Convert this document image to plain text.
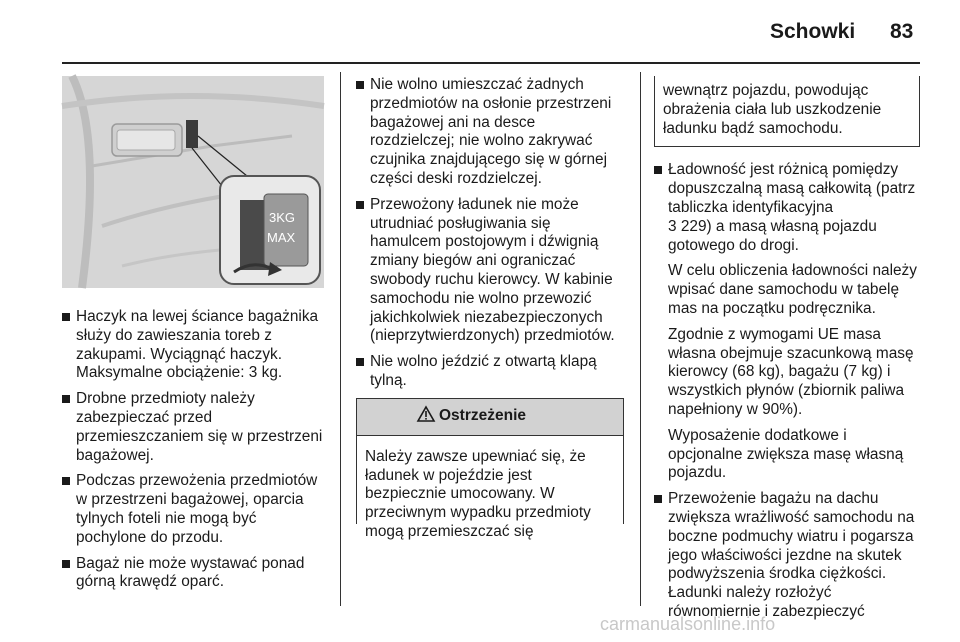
Schowki 83
3KG
MAX
Haczyk na lewej ściance bagażnika służy do zawieszania toreb z zakupami. Wyciągnąć haczyk. Maksymalne obciążenie: 3 kg.
Drobne przedmioty należy zabezpieczać przed przemieszczaniem się w przestrzeni bagażowej.
Podczas przewożenia przedmiotów w przestrzeni bagażowej, oparcia tylnych foteli nie mogą być pochylone do przodu.
Bagaż nie może wystawać ponad górną krawędź oparć.
Nie wolno umieszczać żadnych przedmiotów na osłonie przestrzeni bagażowej ani na desce rozdzielczej; nie wolno zakrywać czujnika znajdującego się w górnej części deski rozdzielczej.
Przewożony ładunek nie może utrudniać posługiwania się hamulcem postojowym i dźwignią zmiany biegów ani ograniczać swobody ruchu kierowcy. W kabinie samochodu nie wolno przewozić jakichkolwiek niezabezpieczonych (nieprzytwierdzonych) przedmiotów.
Nie wolno jeździć z otwartą klapą tylną.
Ostrzeżenie
Należy zawsze upewniać się, że ładunek w pojeździe jest bezpiecznie umocowany. W przeciwnym wypadku przedmioty mogą przemieszczać się
wewnątrz pojazdu, powodując obrażenia ciała lub uszkodzenie ładunku bądź samochodu.
Ładowność jest różnicą pomiędzy dopuszczalną masą całkowitą (patrz tabliczka identyfikacyjna
3 229) a masą własną pojazdu gotowego do drogi.

W celu obliczenia ładowności należy wpisać dane samochodu w tabelę mas na początku podręcznika.

Zgodnie z wymogami UE masa własna obejmuje szacunkową masę kierowcy (68 kg), bagażu (7 kg) i wszystkich płynów (zbiornik paliwa napełniony w 90%).

Wyposażenie dodatkowe i opcjonalne zwiększa masę własną pojazdu.

Przewożenie bagażu na dachu zwiększa wrażliwość samochodu na boczne podmuchy wiatru i pogarsza jego właściwości jezdne na skutek podwyższenia środka ciężkości. Ładunki należy rozłożyć równomiernie i zabezpieczyć
carmanualsonline.info
